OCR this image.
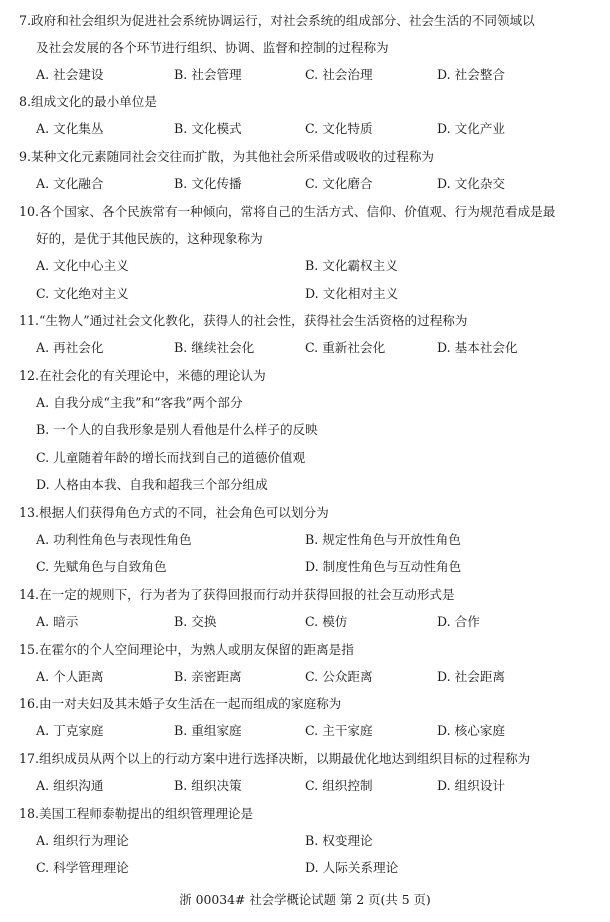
7.政府和社会组织为促进社会系统协调运行，对社会系统的组成部分、社会生活的不同领域以
及社会发展的各个环节进行组织、协调、监督和控制的过程称为
A. 社会建设	B. 社会管理	C. 社会治理	D. 社会整合
8.组成文化的最小单位是
A. 文化集丛	B. 文化模式	C. 文化特质	D. 文化产业
9.某种文化元素随同社会交往而扩散，为其他社会所采借或吸收的过程称为
A. 文化融合	B. 文化传播	C. 文化磨合	D. 文化杂交
10.各个国家、各个民族常有一种倾向，常将自己的生活方式、信仰、价值观、行为规范看成是最
好的，是优于其他民族的，这种现象称为
A. 文化中心主义	B. 文化霸权主义
C. 文化绝对主义	D. 文化相对主义
11.“生物人”通过社会文化教化，获得人的社会性，获得社会生活资格的过程称为
A. 再社会化	B. 继续社会化	C. 重新社会化	D. 基本社会化
12.在社会化的有关理论中，米德的理论认为
A. 自我分成“主我”和“客我”两个部分
B. 一个人的自我形象是别人看他是什么样子的反映
C. 儿童随着年龄的增长而找到自己的道德价值观
D. 人格由本我、自我和超我三个部分组成
13.根据人们获得角色方式的不同，社会角色可以划分为
A. 功利性角色与表现性角色	B. 规定性角色与开放性角色
C. 先赋角色与自致角色	D. 制度性角色与互动性角色
14.在一定的规则下，行为者为了获得回报而行动并获得回报的社会互动形式是
A. 暗示	B. 交换	C. 模仿	D. 合作
15.在霍尔的个人空间理论中，为熟人或朋友保留的距离是指
A. 个人距离	B. 亲密距离	C. 公众距离	D. 社会距离
16.由一对夫妇及其未婚子女生活在一起而组成的家庭称为
A. 丁克家庭	B. 重组家庭	C. 主干家庭	D. 核心家庭
17.组织成员从两个以上的行动方案中进行选择决断，以期最优化地达到组织目标的过程称为
A. 组织沟通	B. 组织决策	C. 组织控制	D. 组织设计
18.美国工程师泰勒提出的组织管理理论是
A. 组织行为理论	B. 权变理论
C. 科学管理理论	D. 人际关系理论
浙 00034# 社会学概论试题 第 2 页(共 5 页)
